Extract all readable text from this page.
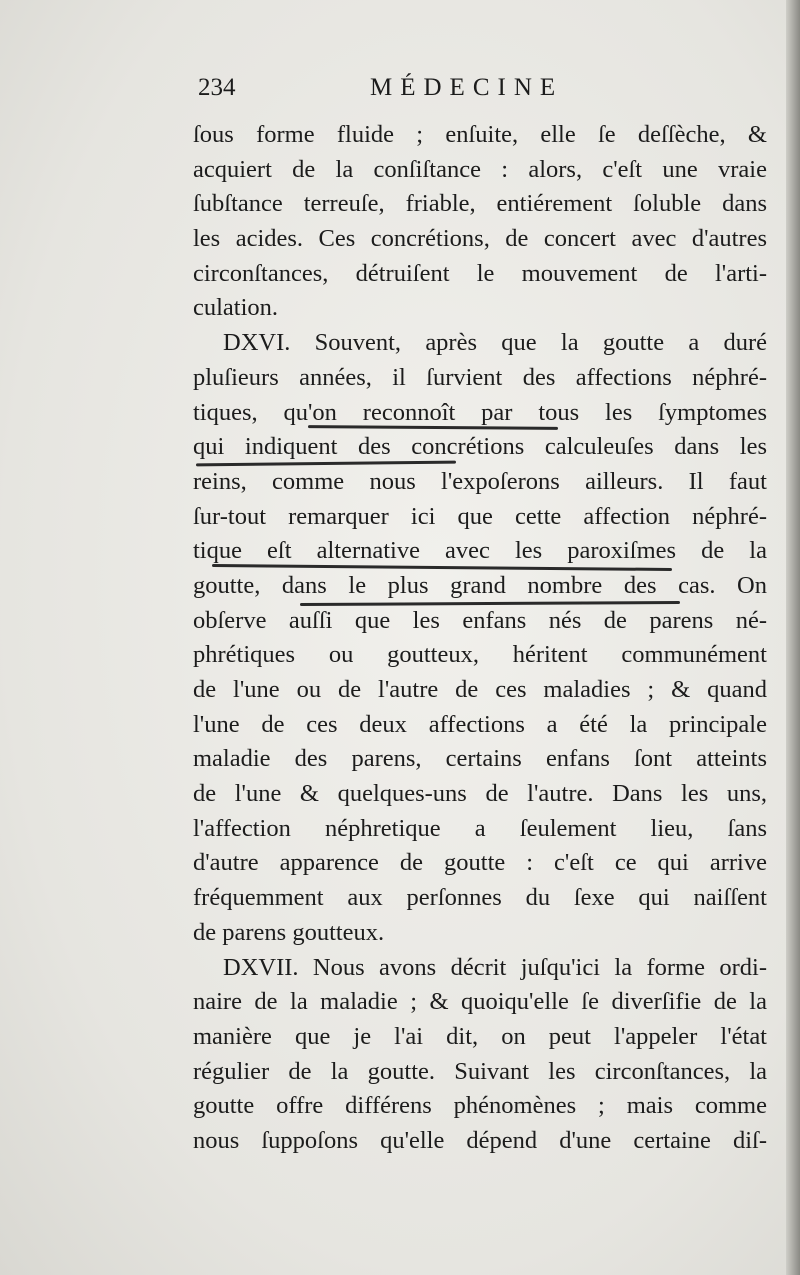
234	MÉDECINE
ſous forme fluide ; enſuite, elle ſe deſſèche, &
acquiert de la conſiſtance : alors, c'eſt une vraie
ſubſtance terreuſe, friable, entiérement ſoluble dans
les acides. Ces concrétions, de concert avec d'autres
circonſtances, détruiſent le mouvement de l'arti-
culation.
DXVI. Souvent, après que la goutte a duré
pluſieurs années, il ſurvient des affections néphré-
tiques, qu'on reconnoît par tous les ſymptomes
qui indiquent des concrétions calculeuſes dans les
reins, comme nous l'expoſerons ailleurs. Il faut
ſur-tout remarquer ici que cette affection néphré-
tique eſt alternative avec les paroxiſmes de la
goutte, dans le plus grand nombre des cas. On
obſerve auſſi que les enfans nés de parens né-
phrétiques ou goutteux, héritent communément
de l'une ou de l'autre de ces maladies ; & quand
l'une de ces deux affections a été la principale
maladie des parens, certains enfans ſont atteints
de l'une & quelques-uns de l'autre. Dans les uns,
l'affection néphretique a ſeulement lieu, ſans
d'autre apparence de goutte : c'eſt ce qui arrive
fréquemment aux perſonnes du ſexe qui naiſſent
de parens goutteux.
DXVII. Nous avons décrit juſqu'ici la forme ordi-
naire de la maladie ; & quoiqu'elle ſe diverſifie de la
manière que je l'ai dit, on peut l'appeler l'état
régulier de la goutte. Suivant les circonſtances, la
goutte offre différens phénomènes ; mais comme
nous ſuppoſons qu'elle dépend d'une certaine diſ-
